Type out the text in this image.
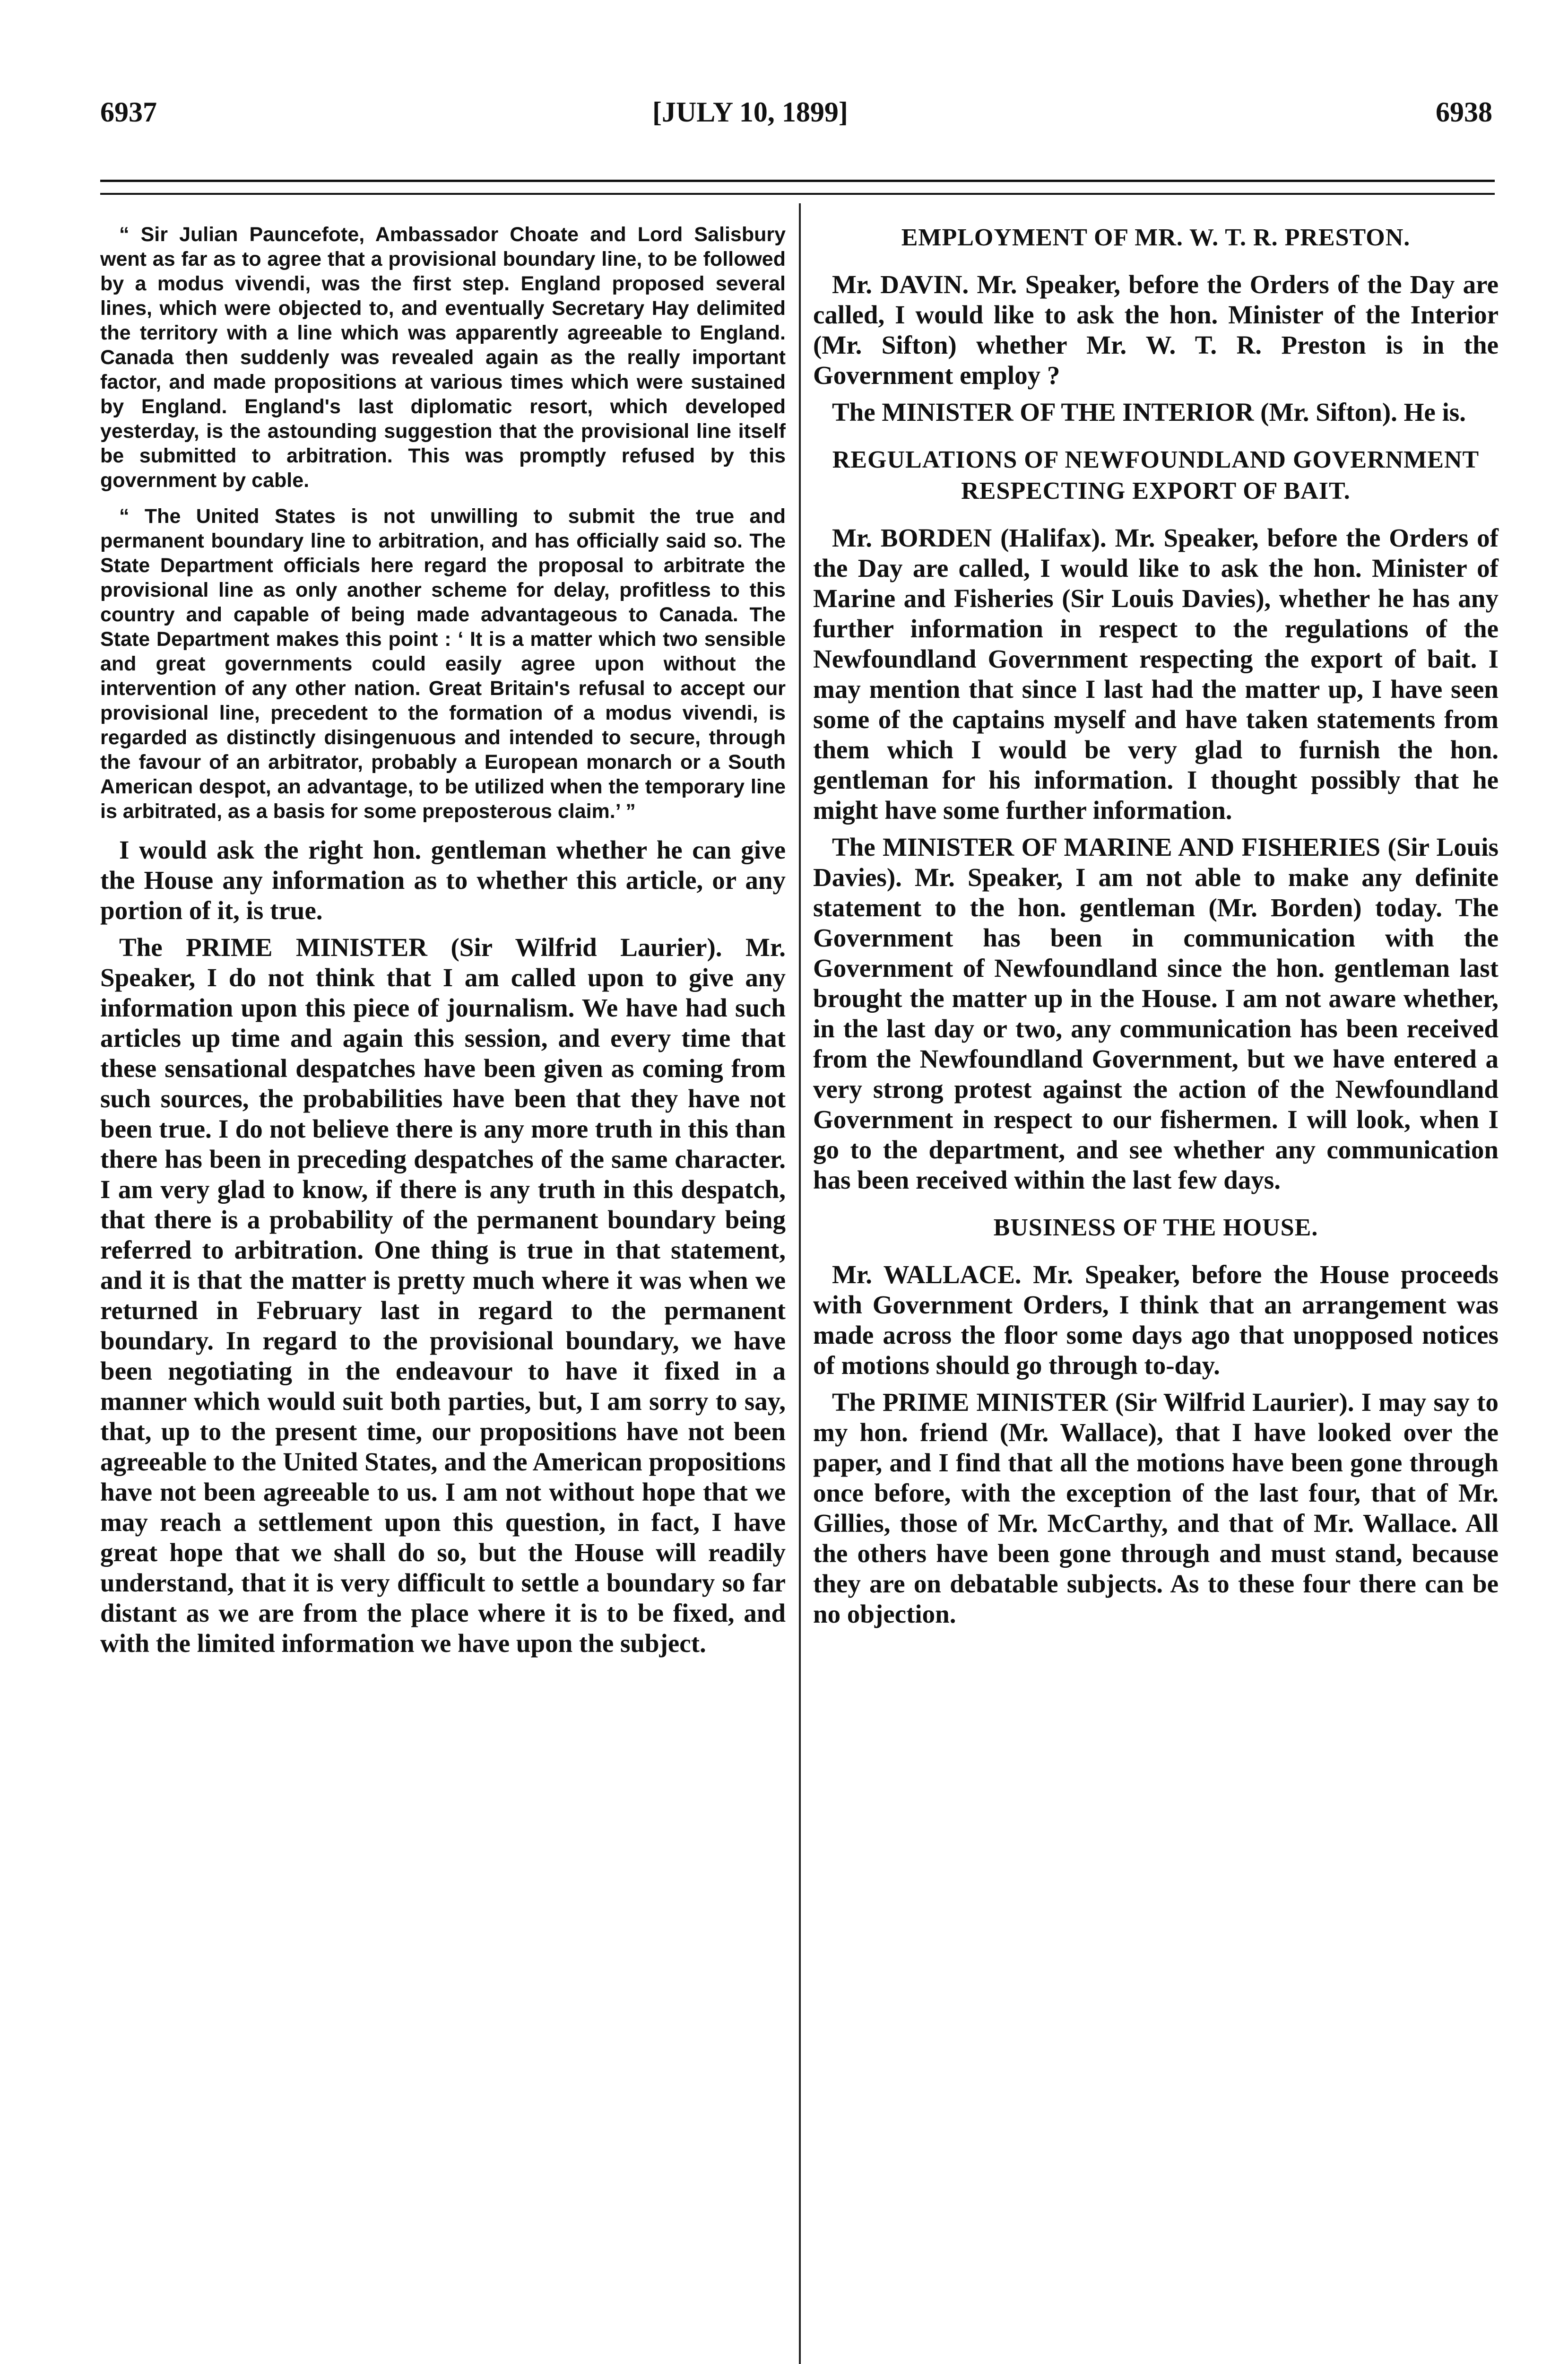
6937	[JULY 10, 1899]	6938

“ Sir Julian Pauncefote, Ambassador Choate and Lord Salisbury went as far as to agree that a provisional boundary line, to be followed by a modus vivendi, was the first step. England proposed several lines, which were objected to, and eventually Secretary Hay delimited the territory with a line which was apparently agreeable to England. Canada then suddenly was revealed again as the really important factor, and made propositions at various times which were sustained by England. England's last diplomatic resort, which developed yesterday, is the astounding suggestion that the provisional line itself be submitted to arbitration. This was promptly refused by this government by cable.

“ The United States is not unwilling to submit the true and permanent boundary line to arbitration, and has officially said so. The State Department officials here regard the proposal to arbitrate the provisional line as only another scheme for delay, profitless to this country and capable of being made advantageous to Canada. The State Department makes this point : ‘ It is a matter which two sensible and great governments could easily agree upon without the intervention of any other nation. Great Britain's refusal to accept our provisional line, precedent to the formation of a modus vivendi, is regarded as distinctly disingenuous and intended to secure, through the favour of an arbitrator, probably a European monarch or a South American despot, an advantage, to be utilized when the temporary line is arbitrated, as a basis for some preposterous claim.’ ”

I would ask the right hon. gentleman whether he can give the House any information as to whether this article, or any portion of it, is true.

The PRIME MINISTER (Sir Wilfrid Laurier). Mr. Speaker, I do not think that I am called upon to give any information upon this piece of journalism. We have had such articles up time and again this session, and every time that these sensational despatches have been given as coming from such sources, the probabilities have been that they have not been true. I do not believe there is any more truth in this than there has been in preceding despatches of the same character. I am very glad to know, if there is any truth in this despatch, that there is a probability of the permanent boundary being referred to arbitration. One thing is true in that statement, and it is that the matter is pretty much where it was when we returned in February last in regard to the permanent boundary. In regard to the provisional boundary, we have been negotiating in the endeavour to have it fixed in a manner which would suit both parties, but, I am sorry to say, that, up to the present time, our propositions have not been agreeable to the United States, and the American propositions have not been agreeable to us. I am not without hope that we may reach a settlement upon this question, in fact, I have great hope that we shall do so, but the House will readily understand, that it is very difficult to settle a boundary so far distant as we are from the place where it is to be fixed, and with the limited information we have upon the subject.

EMPLOYMENT OF MR. W. T. R. PRESTON.

Mr. DAVIN. Mr. Speaker, before the Orders of the Day are called, I would like to ask the hon. Minister of the Interior (Mr. Sifton) whether Mr. W. T. R. Preston is in the Government employ ?

The MINISTER OF THE INTERIOR (Mr. Sifton). He is.

REGULATIONS OF NEWFOUNDLAND GOVERNMENT RESPECTING EXPORT OF BAIT.

Mr. BORDEN (Halifax). Mr. Speaker, before the Orders of the Day are called, I would like to ask the hon. Minister of Marine and Fisheries (Sir Louis Davies), whether he has any further information in respect to the regulations of the Newfoundland Government respecting the export of bait. I may mention that since I last had the matter up, I have seen some of the captains myself and have taken statements from them which I would be very glad to furnish the hon. gentleman for his information. I thought possibly that he might have some further information.

The MINISTER OF MARINE AND FISHERIES (Sir Louis Davies). Mr. Speaker, I am not able to make any definite statement to the hon. gentleman (Mr. Borden) today. The Government has been in communication with the Government of Newfoundland since the hon. gentleman last brought the matter up in the House. I am not aware whether, in the last day or two, any communication has been received from the Newfoundland Government, but we have entered a very strong protest against the action of the Newfoundland Government in respect to our fishermen. I will look, when I go to the department, and see whether any communication has been received within the last few days.

BUSINESS OF THE HOUSE.

Mr. WALLACE. Mr. Speaker, before the House proceeds with Government Orders, I think that an arrangement was made across the floor some days ago that unopposed notices of motions should go through to-day.

The PRIME MINISTER (Sir Wilfrid Laurier). I may say to my hon. friend (Mr. Wallace), that I have looked over the paper, and I find that all the motions have been gone through once before, with the exception of the last four, that of Mr. Gillies, those of Mr. McCarthy, and that of Mr. Wallace. All the others have been gone through and must stand, because they are on debatable subjects. As to these four there can be no objection.
